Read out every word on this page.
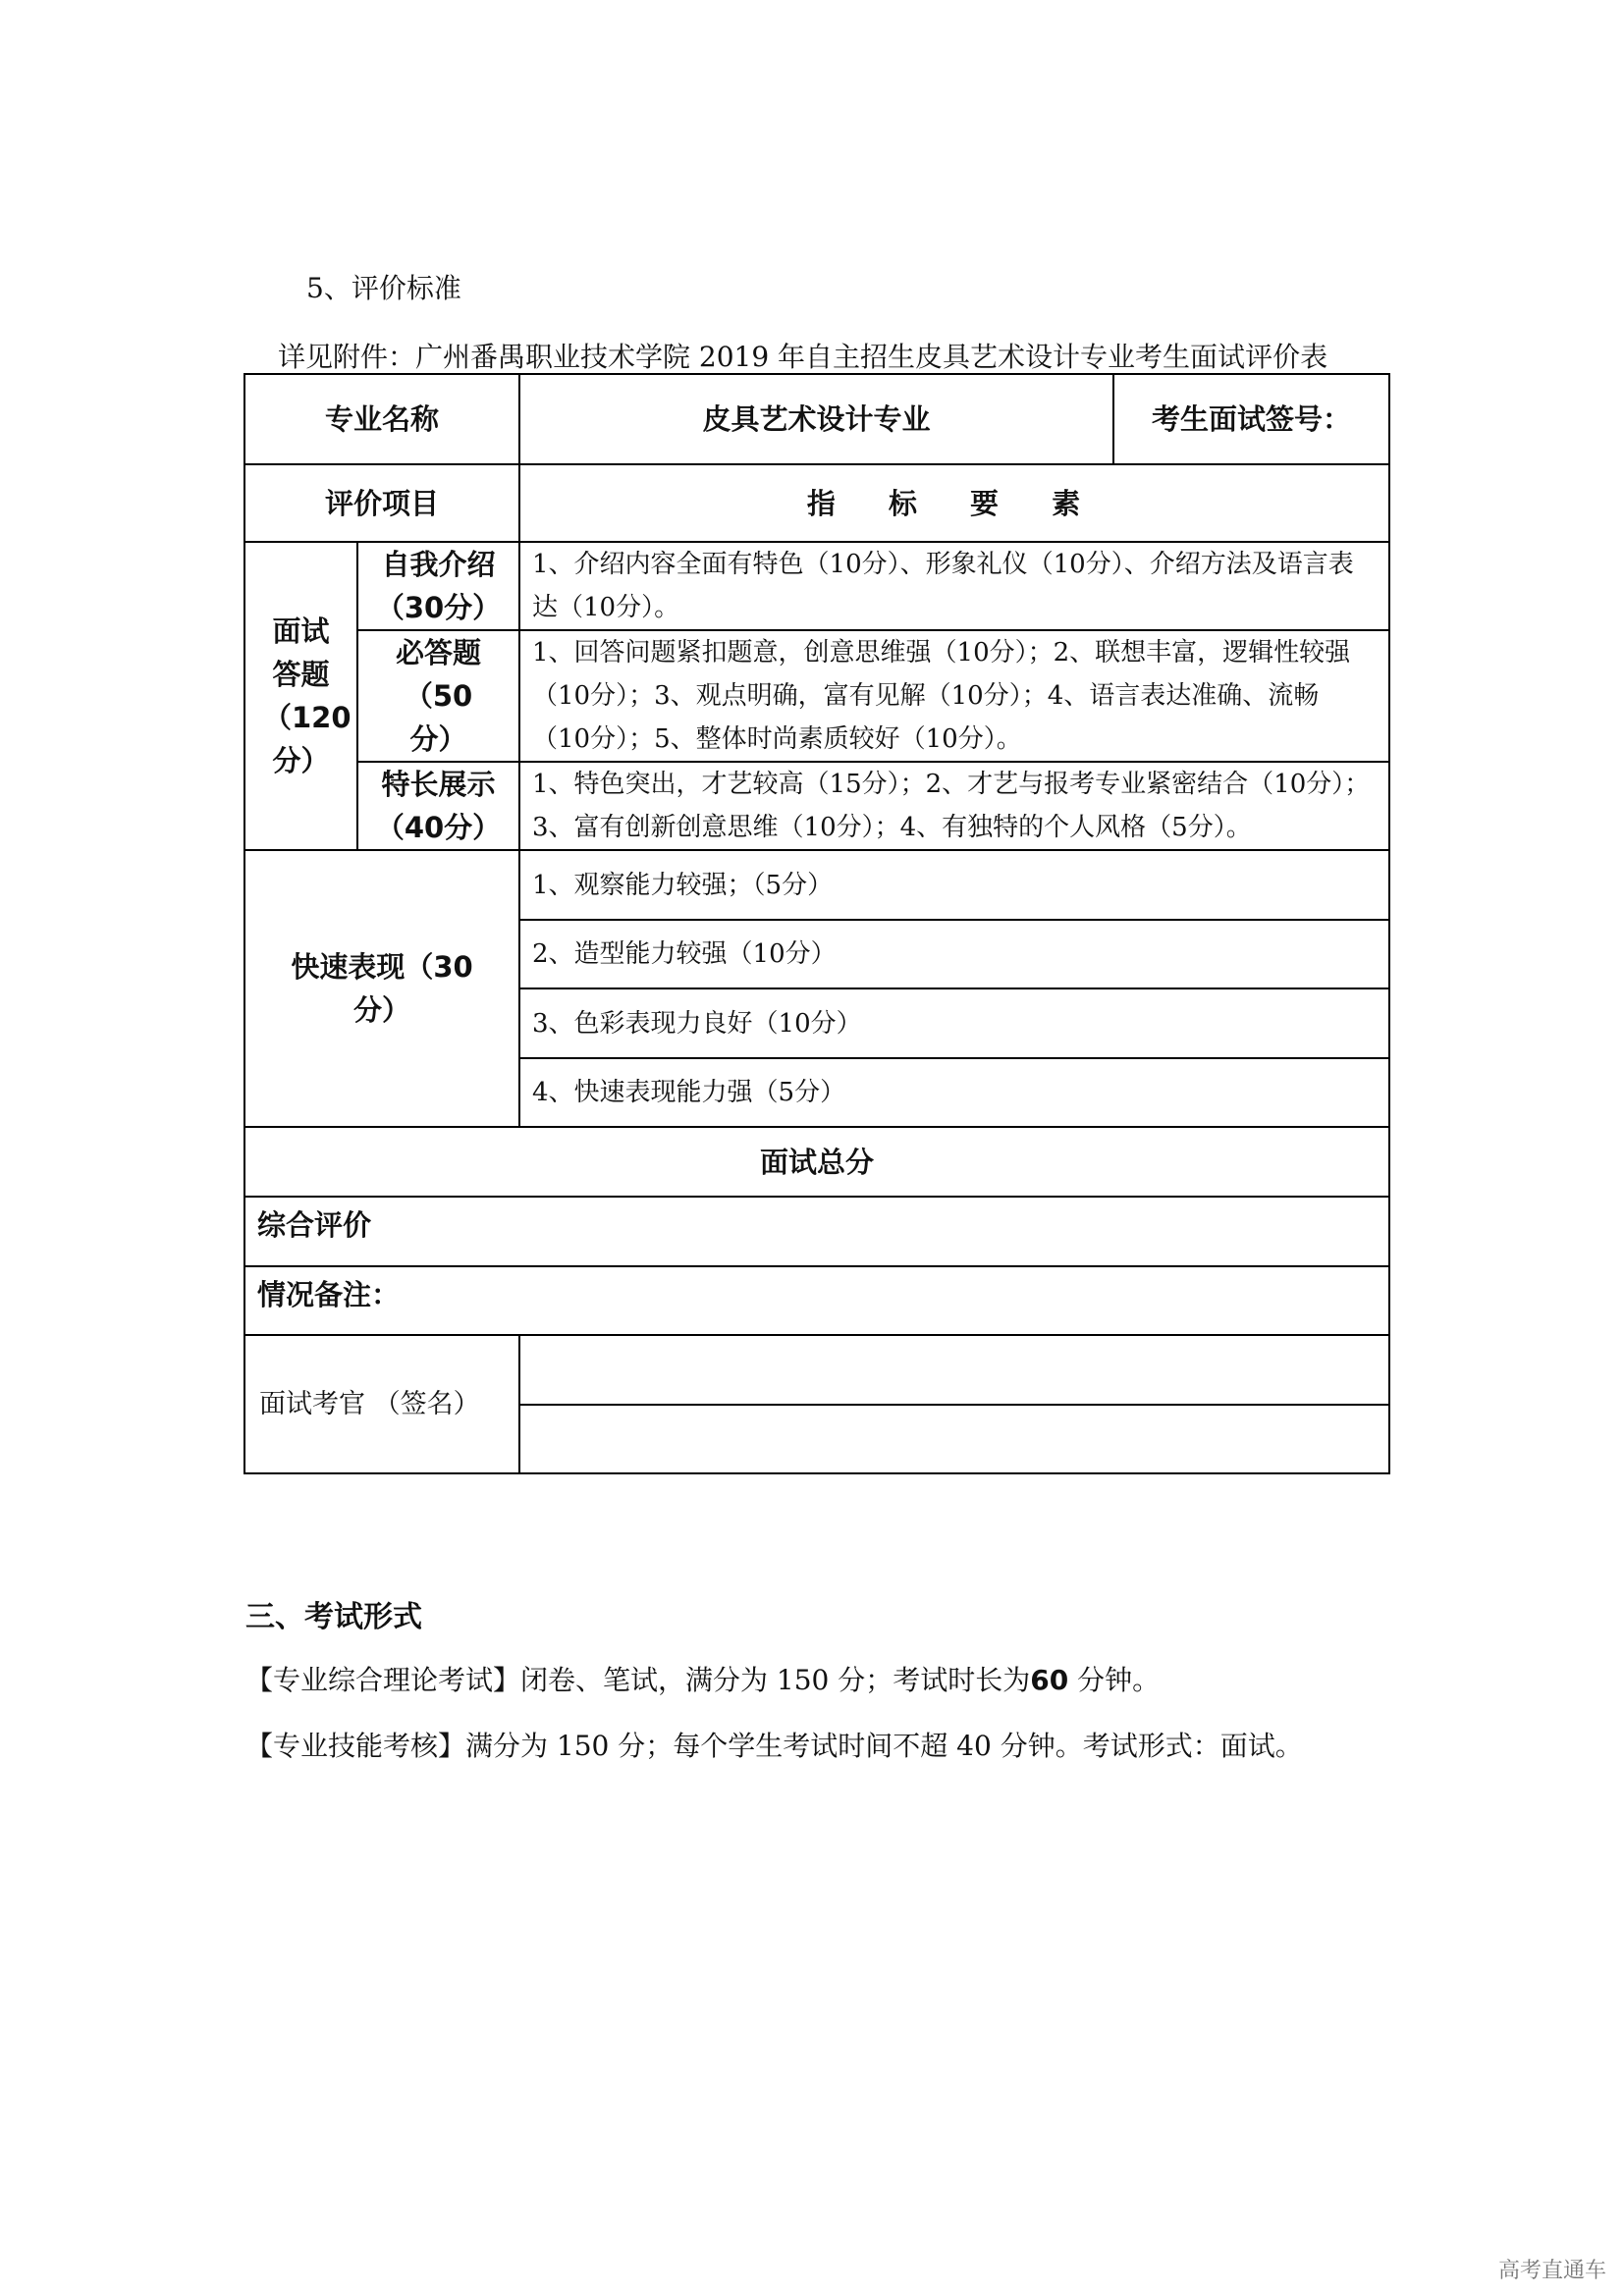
5、评价标准
详见附件：广州番禺职业技术学院 2019 年自主招生皮具艺术设计专业考生面试评价表
专业名称		皮具艺术设计专业	考生面试签号：
评价项目		指 标 要 素	
面试答题（120分）	自我介绍（30分）	1、介绍内容全面有特色（10分）、形象礼仪（10分）、介绍方法及语言表达（10分）。	
	必答题（50分）	1、回答问题紧扣题意，创意思维强（10分）；2、联想丰富，逻辑性较强（10分）；3、观点明确，富有见解（10分）；4、语言表达准确、流畅（10分）；5、整体时尚素质较好（10分）。	
	特长展示（40分）	1、特色突出，才艺较高（15分）；2、才艺与报考专业紧密结合（10分）；3、富有创新创意思维（10分）；4、有独特的个人风格（5分）。	
快速表现（30分）		1、观察能力较强；（5分）	
		2、造型能力较强（10分）	
		3、色彩表现力良好（10分）	
		4、快速表现能力强（5分）	
面试总分			
综合评价			
情况备注：			
面试考官 （签名）			

三、考试形式
【专业综合理论考试】闭卷、笔试，满分为 150 分；考试时长为60 分钟。
【专业技能考核】满分为 150 分；每个学生考试时间不超 40 分钟。考试形式：面试。
高考直通车
